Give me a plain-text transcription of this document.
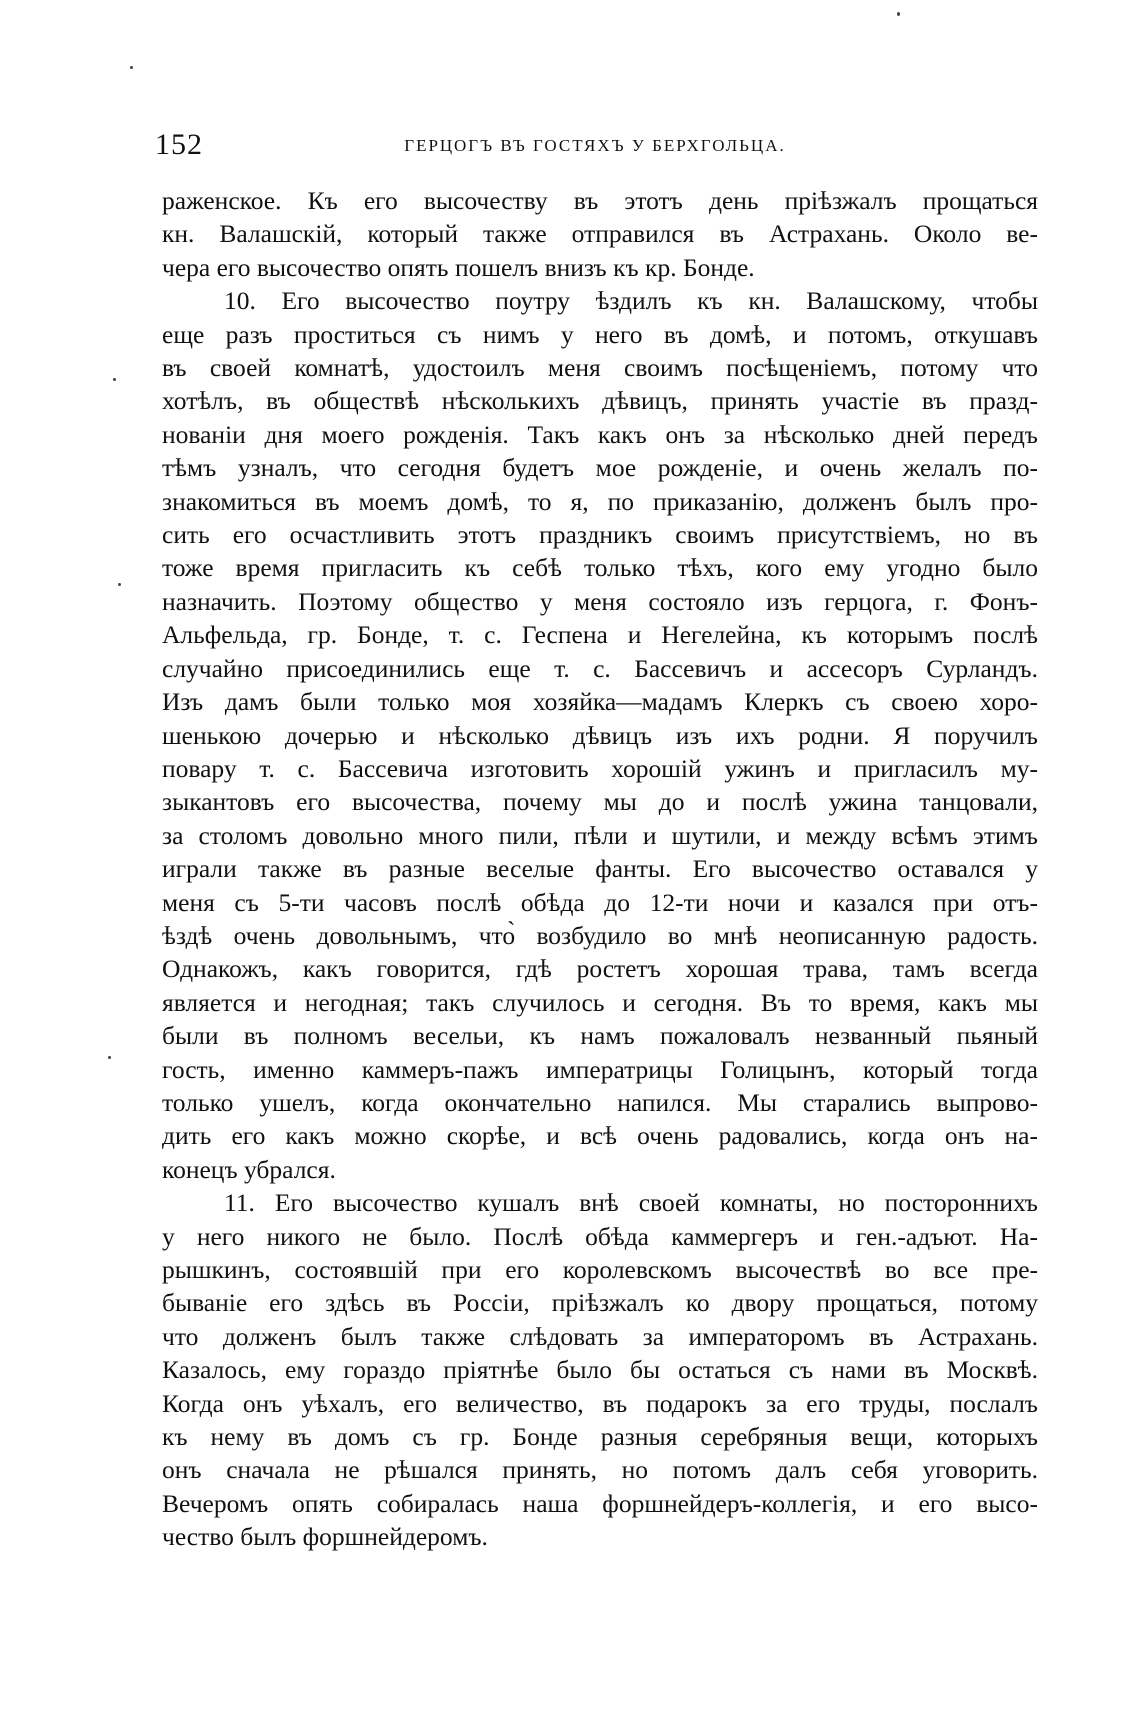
152	ГЕРЦОГЪ ВЪ ГОСТЯХЪ У БЕРХГОЛЬЦА.
раженское. Къ его высочеству въ этотъ день пріѣзжалъ прощаться
кн. Валашскій, который также отправился въ Астрахань. Около ве-
чера его высочество опять пошелъ внизъ къ кр. Бонде.
10. Его высочество поутру ѣздилъ къ кн. Валашскому, чтобы
еще разъ проститься съ нимъ у него въ домѣ, и потомъ, откушавъ
въ своей комнатѣ, удостоилъ меня своимъ посѣщеніемъ, потому что
хотѣлъ, въ обществѣ нѣсколькихъ дѣвицъ, принять участіе въ празд-
нованіи дня моего рожденія. Такъ какъ онъ за нѣсколько дней передъ
тѣмъ узналъ, что сегодня будетъ мое рожденіе, и очень желалъ по-
знакомиться въ моемъ домѣ, то я, по приказанію, долженъ былъ про-
сить его осчастливить этотъ праздникъ своимъ присутствіемъ, но въ
тоже время пригласить къ себѣ только тѣхъ, кого ему угодно было
назначить. Поэтому общество у меня состояло изъ герцога, г. Фонъ-
Альфельда, гр. Бонде, т. с. Геспена и Негелейна, къ которымъ послѣ
случайно присоединились еще т. с. Бассевичъ и ассесоръ Сурландъ.
Изъ дамъ были только моя хозяйка—мадамъ Клеркъ съ своею хоро-
шенькою дочерью и нѣсколько дѣвицъ изъ ихъ родни. Я поручилъ
повару т. с. Бассевича изготовить хорошій ужинъ и пригласилъ му-
зыкантовъ его высочества, почему мы до и послѣ ужина танцовали,
за столомъ довольно много пили, пѣли и шутили, и между всѣмъ этимъ
играли также въ разные веселые фанты. Его высочество оставался у
меня съ 5-ти часовъ послѣ обѣда до 12-ти ночи и казался при отъ-
ѣздѣ очень довольнымъ, что̀ возбудило во мнѣ неописанную радость.
Однакожъ, какъ говорится, гдѣ ростетъ хорошая трава, тамъ всегда
является и негодная; такъ случилось и сегодня. Въ то время, какъ мы
были въ полномъ весельи, къ намъ пожаловалъ незванный пьяный
гость, именно каммеръ-пажъ императрицы Голицынъ, который тогда
только ушелъ, когда окончательно напился. Мы старались выпрово-
дить его какъ можно скорѣе, и всѣ очень радовались, когда онъ на-
конецъ убрался.
11. Его высочество кушалъ внѣ своей комнаты, но постороннихъ
у него никого не было. Послѣ обѣда каммергеръ и ген.-адъют. На-
рышкинъ, состоявшій при его королевскомъ высочествѣ во все пре-
бываніе его здѣсь въ Россіи, пріѣзжалъ ко двору прощаться, потому
что долженъ былъ также слѣдовать за императоромъ въ Астрахань.
Казалось, ему гораздо пріятнѣе было бы остаться съ нами въ Москвѣ.
Когда онъ уѣхалъ, его величество, въ подарокъ за его труды, послалъ
къ нему въ домъ съ гр. Бонде разныя серебряныя вещи, которыхъ
онъ сначала не рѣшался принять, но потомъ далъ себя уговорить.
Вечеромъ опять собиралась наша форшнейдеръ-коллегія, и его высо-
чество былъ форшнейдеромъ.
